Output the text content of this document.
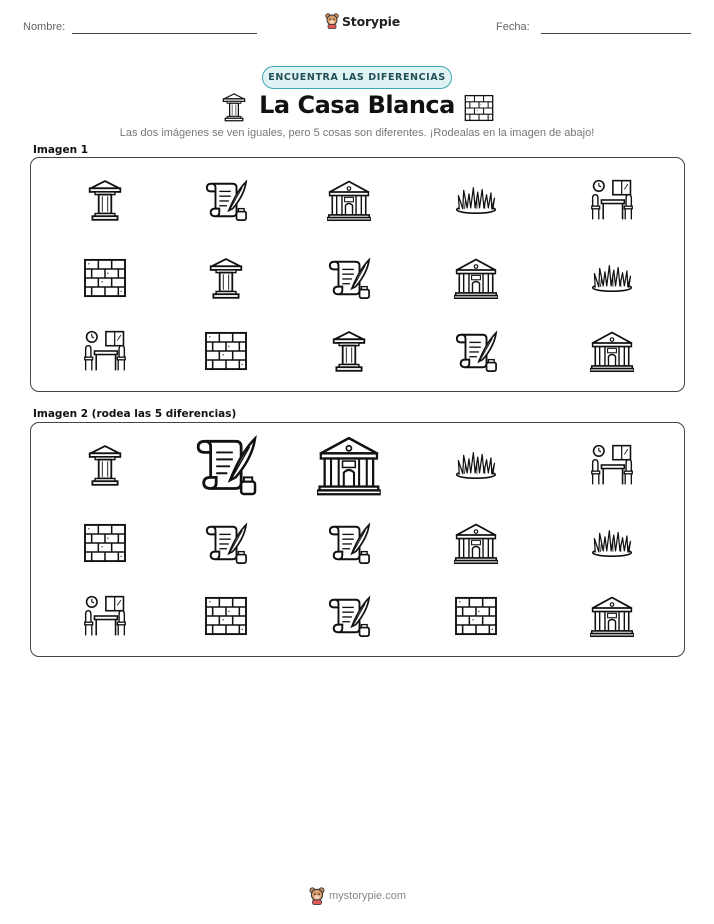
Nombre:	Storypie	Fecha:
ENCUENTRA LAS DIFERENCIAS
La Casa Blanca
Las dos imágenes se ven iguales, pero 5 cosas son diferentes. ¡Rodealas en la imagen de abajo!
Imagen 1
Imagen 2 (rodea las 5 diferencias)
mystorypie.com
